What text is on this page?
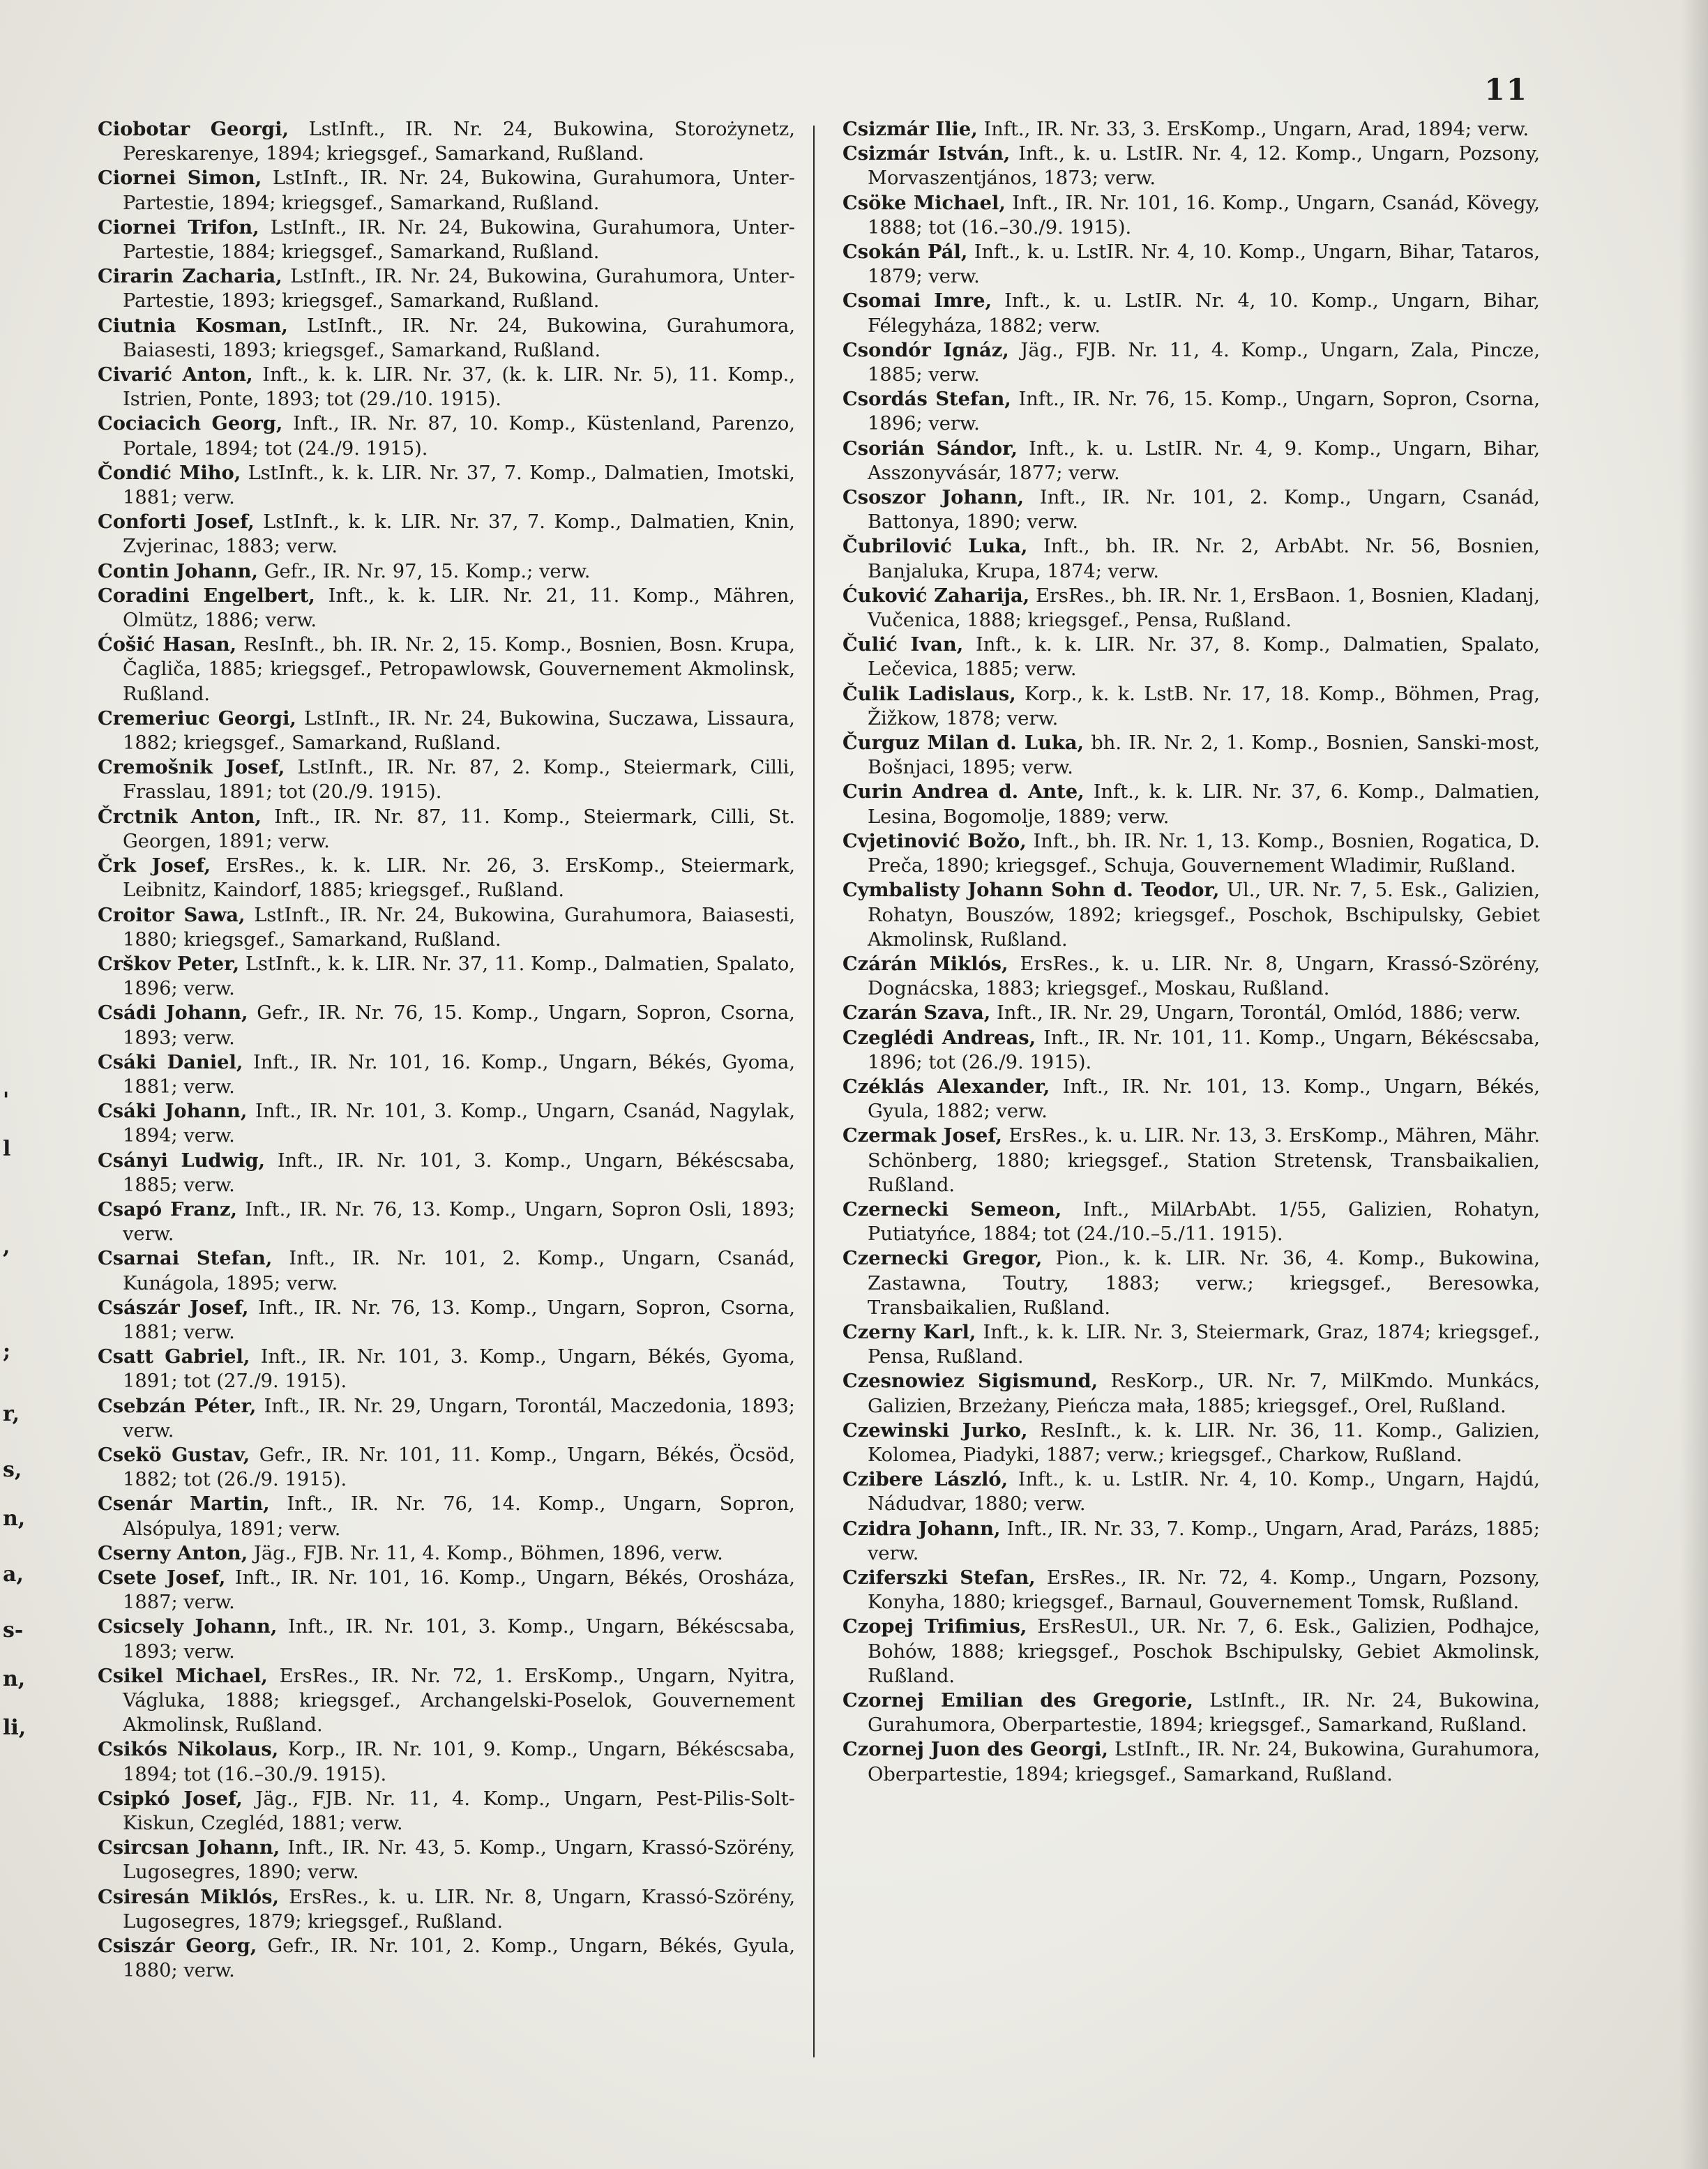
11

Ciobotar Georgi, LstInft., IR. Nr. 24, Bukowina, Storożynetz, Pereskarenye, 1894; kriegsgef., Samarkand, Rußland.

Ciornei Simon, LstInft., IR. Nr. 24, Bukowina, Gurahumora, Unter-Partestie, 1894; kriegsgef., Samarkand, Rußland.

Ciornei Trifon, LstInft., IR. Nr. 24, Bukowina, Gurahumora, Unter-Partestie, 1884; kriegsgef., Samarkand, Rußland.

Cirarin Zacharia, LstInft., IR. Nr. 24, Bukowina, Gurahumora, Unter-Partestie, 1893; kriegsgef., Samarkand, Rußland.

Ciutnia Kosman, LstInft., IR. Nr. 24, Bukowina, Gurahumora, Baiasesti, 1893; kriegsgef., Samarkand, Rußland.

Civarić Anton, Inft., k. k. LIR. Nr. 37, (k. k. LIR. Nr. 5), 11. Komp., Istrien, Ponte, 1893; tot (29./10. 1915).

Cociacich Georg, Inft., IR. Nr. 87, 10. Komp., Küstenland, Parenzo, Portale, 1894; tot (24./9. 1915).

Čondić Miho, LstInft., k. k. LIR. Nr. 37, 7. Komp., Dalmatien, Imotski, 1881; verw.

Conforti Josef, LstInft., k. k. LIR. Nr. 37, 7. Komp., Dalmatien, Knin, Zvjerinac, 1883; verw.

Contin Johann, Gefr., IR. Nr. 97, 15. Komp.; verw.

Coradini Engelbert, Inft., k. k. LIR. Nr. 21, 11. Komp., Mähren, Olmütz, 1886; verw.

Ćošić Hasan, ResInft., bh. IR. Nr. 2, 15. Komp., Bosnien, Bosn. Krupa, Čagliča, 1885; kriegsgef., Petropawlowsk, Gouvernement Akmolinsk, Rußland.

Cremeriuc Georgi, LstInft., IR. Nr. 24, Bukowina, Suczawa, Lissaura, 1882; kriegsgef., Samarkand, Rußland.

Cremošnik Josef, LstInft., IR. Nr. 87, 2. Komp., Steiermark, Cilli, Frasslau, 1891; tot (20./9. 1915).

Črctnik Anton, Inft., IR. Nr. 87, 11. Komp., Steiermark, Cilli, St. Georgen, 1891; verw.

Črk Josef, ErsRes., k. k. LIR. Nr. 26, 3. ErsKomp., Steiermark, Leibnitz, Kaindorf, 1885; kriegsgef., Rußland.

Croitor Sawa, LstInft., IR. Nr. 24, Bukowina, Gurahumora, Baiasesti, 1880; kriegsgef., Samarkand, Rußland.

Crškov Peter, LstInft., k. k. LIR. Nr. 37, 11. Komp., Dalmatien, Spalato, 1896; verw.

Csádi Johann, Gefr., IR. Nr. 76, 15. Komp., Ungarn, Sopron, Csorna, 1893; verw.

Csáki Daniel, Inft., IR. Nr. 101, 16. Komp., Ungarn, Békés, Gyoma, 1881; verw.

Csáki Johann, Inft., IR. Nr. 101, 3. Komp., Ungarn, Csanád, Nagylak, 1894; verw.

Csányi Ludwig, Inft., IR. Nr. 101, 3. Komp., Ungarn, Békéscsaba, 1885; verw.

Csapó Franz, Inft., IR. Nr. 76, 13. Komp., Ungarn, Sopron Osli, 1893; verw.

Csarnai Stefan, Inft., IR. Nr. 101, 2. Komp., Ungarn, Csanád, Kunágola, 1895; verw.

Császár Josef, Inft., IR. Nr. 76, 13. Komp., Ungarn, Sopron, Csorna, 1881; verw.

Csatt Gabriel, Inft., IR. Nr. 101, 3. Komp., Ungarn, Békés, Gyoma, 1891; tot (27./9. 1915).

Csebzán Péter, Inft., IR. Nr. 29, Ungarn, Torontál, Maczedonia, 1893; verw.

Csekö Gustav, Gefr., IR. Nr. 101, 11. Komp., Ungarn, Békés, Öcsöd, 1882; tot (26./9. 1915).

Csenár Martin, Inft., IR. Nr. 76, 14. Komp., Ungarn, Sopron, Alsópulya, 1891; verw.

Cserny Anton, Jäg., FJB. Nr. 11, 4. Komp., Böhmen, 1896, verw.

Csete Josef, Inft., IR. Nr. 101, 16. Komp., Ungarn, Békés, Orosháza, 1887; verw.

Csicsely Johann, Inft., IR. Nr. 101, 3. Komp., Ungarn, Békéscsaba, 1893; verw.

Csikel Michael, ErsRes., IR. Nr. 72, 1. ErsKomp., Ungarn, Nyitra, Vágluka, 1888; kriegsgef., Archangelski-Poselok, Gouvernement Akmolinsk, Rußland.

Csikós Nikolaus, Korp., IR. Nr. 101, 9. Komp., Ungarn, Békéscsaba, 1894; tot (16.–30./9. 1915).

Csipkó Josef, Jäg., FJB. Nr. 11, 4. Komp., Ungarn, Pest-Pilis-Solt-Kiskun, Czegléd, 1881; verw.

Csircsan Johann, Inft., IR. Nr. 43, 5. Komp., Ungarn, Krassó-Szörény, Lugosegres, 1890; verw.

Csiresán Miklós, ErsRes., k. u. LIR. Nr. 8, Ungarn, Krassó-Szörény, Lugosegres, 1879; kriegsgef., Rußland.

Csiszár Georg, Gefr., IR. Nr. 101, 2. Komp., Ungarn, Békés, Gyula, 1880; verw.

Csizmár Ilie, Inft., IR. Nr. 33, 3. ErsKomp., Ungarn, Arad, 1894; verw.

Csizmár István, Inft., k. u. LstIR. Nr. 4, 12. Komp., Ungarn, Pozsony, Morvaszentjános, 1873; verw.

Csöke Michael, Inft., IR. Nr. 101, 16. Komp., Ungarn, Csanád, Kövegy, 1888; tot (16.–30./9. 1915).

Csokán Pál, Inft., k. u. LstIR. Nr. 4, 10. Komp., Ungarn, Bihar, Tataros, 1879; verw.

Csomai Imre, Inft., k. u. LstIR. Nr. 4, 10. Komp., Ungarn, Bihar, Félegyháza, 1882; verw.

Csondór Ignáz, Jäg., FJB. Nr. 11, 4. Komp., Ungarn, Zala, Pincze, 1885; verw.

Csordás Stefan, Inft., IR. Nr. 76, 15. Komp., Ungarn, Sopron, Csorna, 1896; verw.

Csorián Sándor, Inft., k. u. LstIR. Nr. 4, 9. Komp., Ungarn, Bihar, Asszonyvásár, 1877; verw.

Csoszor Johann, Inft., IR. Nr. 101, 2. Komp., Ungarn, Csanád, Battonya, 1890; verw.

Čubrilović Luka, Inft., bh. IR. Nr. 2, ArbAbt. Nr. 56, Bosnien, Banjaluka, Krupa, 1874; verw.

Ćuković Zaharija, ErsRes., bh. IR. Nr. 1, ErsBaon. 1, Bosnien, Kladanj, Vučenica, 1888; kriegsgef., Pensa, Rußland.

Čulić Ivan, Inft., k. k. LIR. Nr. 37, 8. Komp., Dalmatien, Spalato, Lečevica, 1885; verw.

Čulik Ladislaus, Korp., k. k. LstB. Nr. 17, 18. Komp., Böhmen, Prag, Žižkow, 1878; verw.

Čurguz Milan d. Luka, bh. IR. Nr. 2, 1. Komp., Bosnien, Sanski-most, Bošnjaci, 1895; verw.

Curin Andrea d. Ante, Inft., k. k. LIR. Nr. 37, 6. Komp., Dalmatien, Lesina, Bogomolje, 1889; verw.

Cvjetinović Božo, Inft., bh. IR. Nr. 1, 13. Komp., Bosnien, Rogatica, D. Preča, 1890; kriegsgef., Schuja, Gouvernement Wladimir, Rußland.

Cymbalisty Johann Sohn d. Teodor, Ul., UR. Nr. 7, 5. Esk., Galizien, Rohatyn, Bouszów, 1892; kriegsgef., Poschok, Bschipulsky, Gebiet Akmolinsk, Rußland.

Czárán Miklós, ErsRes., k. u. LIR. Nr. 8, Ungarn, Krassó-Szörény, Dognácska, 1883; kriegsgef., Moskau, Rußland.

Czarán Szava, Inft., IR. Nr. 29, Ungarn, Torontál, Omlód, 1886; verw.

Czeglédi Andreas, Inft., IR. Nr. 101, 11. Komp., Ungarn, Békéscsaba, 1896; tot (26./9. 1915).

Czéklás Alexander, Inft., IR. Nr. 101, 13. Komp., Ungarn, Békés, Gyula, 1882; verw.

Czermak Josef, ErsRes., k. u. LIR. Nr. 13, 3. ErsKomp., Mähren, Mähr. Schönberg, 1880; kriegsgef., Station Stretensk, Transbaikalien, Rußland.

Czernecki Semeon, Inft., MilArbAbt. 1/55, Galizien, Rohatyn, Putiatyńce, 1884; tot (24./10.–5./11. 1915).

Czernecki Gregor, Pion., k. k. LIR. Nr. 36, 4. Komp., Bukowina, Zastawna, Toutry, 1883; verw.; kriegsgef., Beresowka, Transbaikalien, Rußland.

Czerny Karl, Inft., k. k. LIR. Nr. 3, Steiermark, Graz, 1874; kriegsgef., Pensa, Rußland.

Czesnowiez Sigismund, ResKorp., UR. Nr. 7, MilKmdo. Munkács, Galizien, Brzeżany, Pieńcza mała, 1885; kriegsgef., Orel, Rußland.

Czewinski Jurko, ResInft., k. k. LIR. Nr. 36, 11. Komp., Galizien, Kolomea, Piadyki, 1887; verw.; kriegsgef., Charkow, Rußland.

Czibere László, Inft., k. u. LstIR. Nr. 4, 10. Komp., Ungarn, Hajdú, Nádudvar, 1880; verw.

Czidra Johann, Inft., IR. Nr. 33, 7. Komp., Ungarn, Arad, Parázs, 1885; verw.

Cziferszki Stefan, ErsRes., IR. Nr. 72, 4. Komp., Ungarn, Pozsony, Konyha, 1880; kriegsgef., Barnaul, Gouvernement Tomsk, Rußland.

Czopej Trifimius, ErsResUl., UR. Nr. 7, 6. Esk., Galizien, Podhajce, Bohów, 1888; kriegsgef., Poschok Bschipulsky, Gebiet Akmolinsk, Rußland.

Czornej Emilian des Gregorie, LstInft., IR. Nr. 24, Bukowina, Gurahumora, Oberpartestie, 1894; kriegsgef., Samarkand, Rußland.

Czornej Juon des Georgi, LstInft., IR. Nr. 24, Bukowina, Gurahumora, Oberpartestie, 1894; kriegsgef., Samarkand, Rußland.

'
l
,
;
r,
s,
n,
a,
s-
n,
li,
